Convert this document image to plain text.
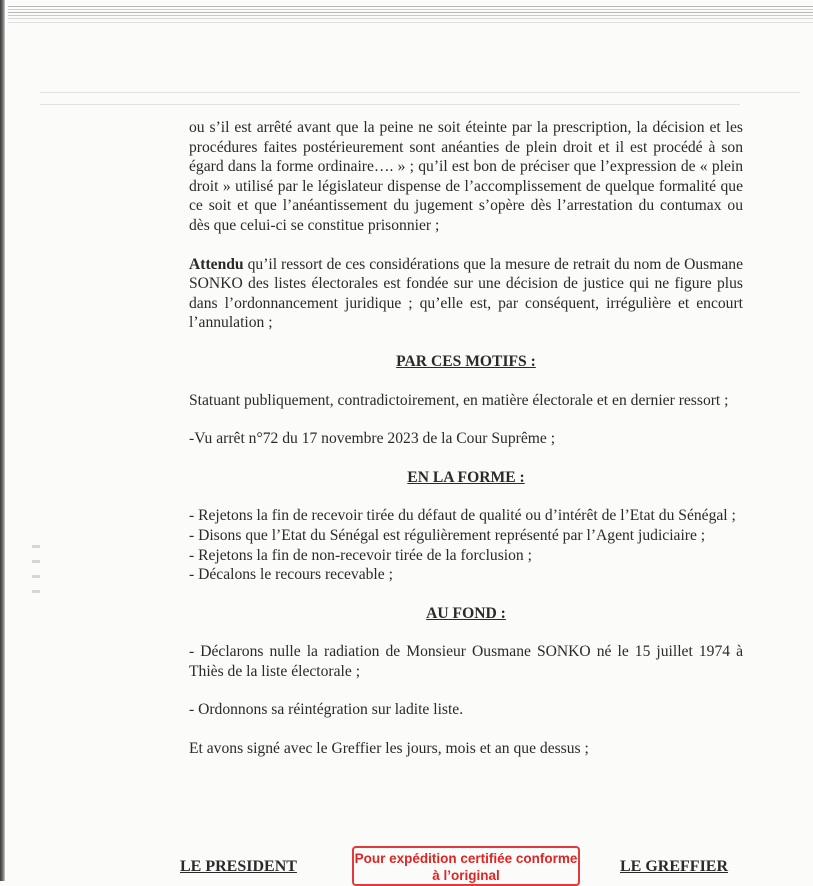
ou s’il est arrêté avant que la peine ne soit éteinte par la prescription, la décision et les procédures faites postérieurement sont anéanties de plein droit et il est procédé à son égard dans la forme ordinaire…. » ; qu’il est bon de préciser que l’expression de « plein droit » utilisé par le législateur dispense de l’accomplissement de quelque formalité que ce soit et que l’anéantissement du jugement s’opère dès l’arrestation du contumax ou dès que celui-ci se constitue prisonnier ;

Attendu qu’il ressort de ces considérations que la mesure de retrait du nom de Ousmane SONKO des listes électorales est fondée sur une décision de justice qui ne figure plus dans l’ordonnancement juridique ; qu’elle est, par conséquent, irrégulière et encourt l’annulation ;

PAR CES MOTIFS :

Statuant publiquement, contradictoirement, en matière électorale et en dernier ressort ;

-Vu arrêt n°72 du 17 novembre 2023 de la Cour Suprême ;

EN LA FORME :

- Rejetons la fin de recevoir tirée du défaut de qualité ou d’intérêt de l’Etat du Sénégal ;

- Disons que l’Etat du Sénégal est régulièrement représenté par l’Agent judiciaire ;

- Rejetons la fin de non-recevoir tirée de la forclusion ;

- Décalons le recours recevable ;

AU FOND :

- Déclarons nulle la radiation de Monsieur Ousmane SONKO né le 15 juillet 1974 à Thiès de la liste électorale ;

- Ordonnons sa réintégration sur ladite liste.

Et avons signé avec le Greffier les jours, mois et an que dessus ;

LE PRESIDENT	Pour expédition certifiée conforme
à l’original
LE GREFFIER
